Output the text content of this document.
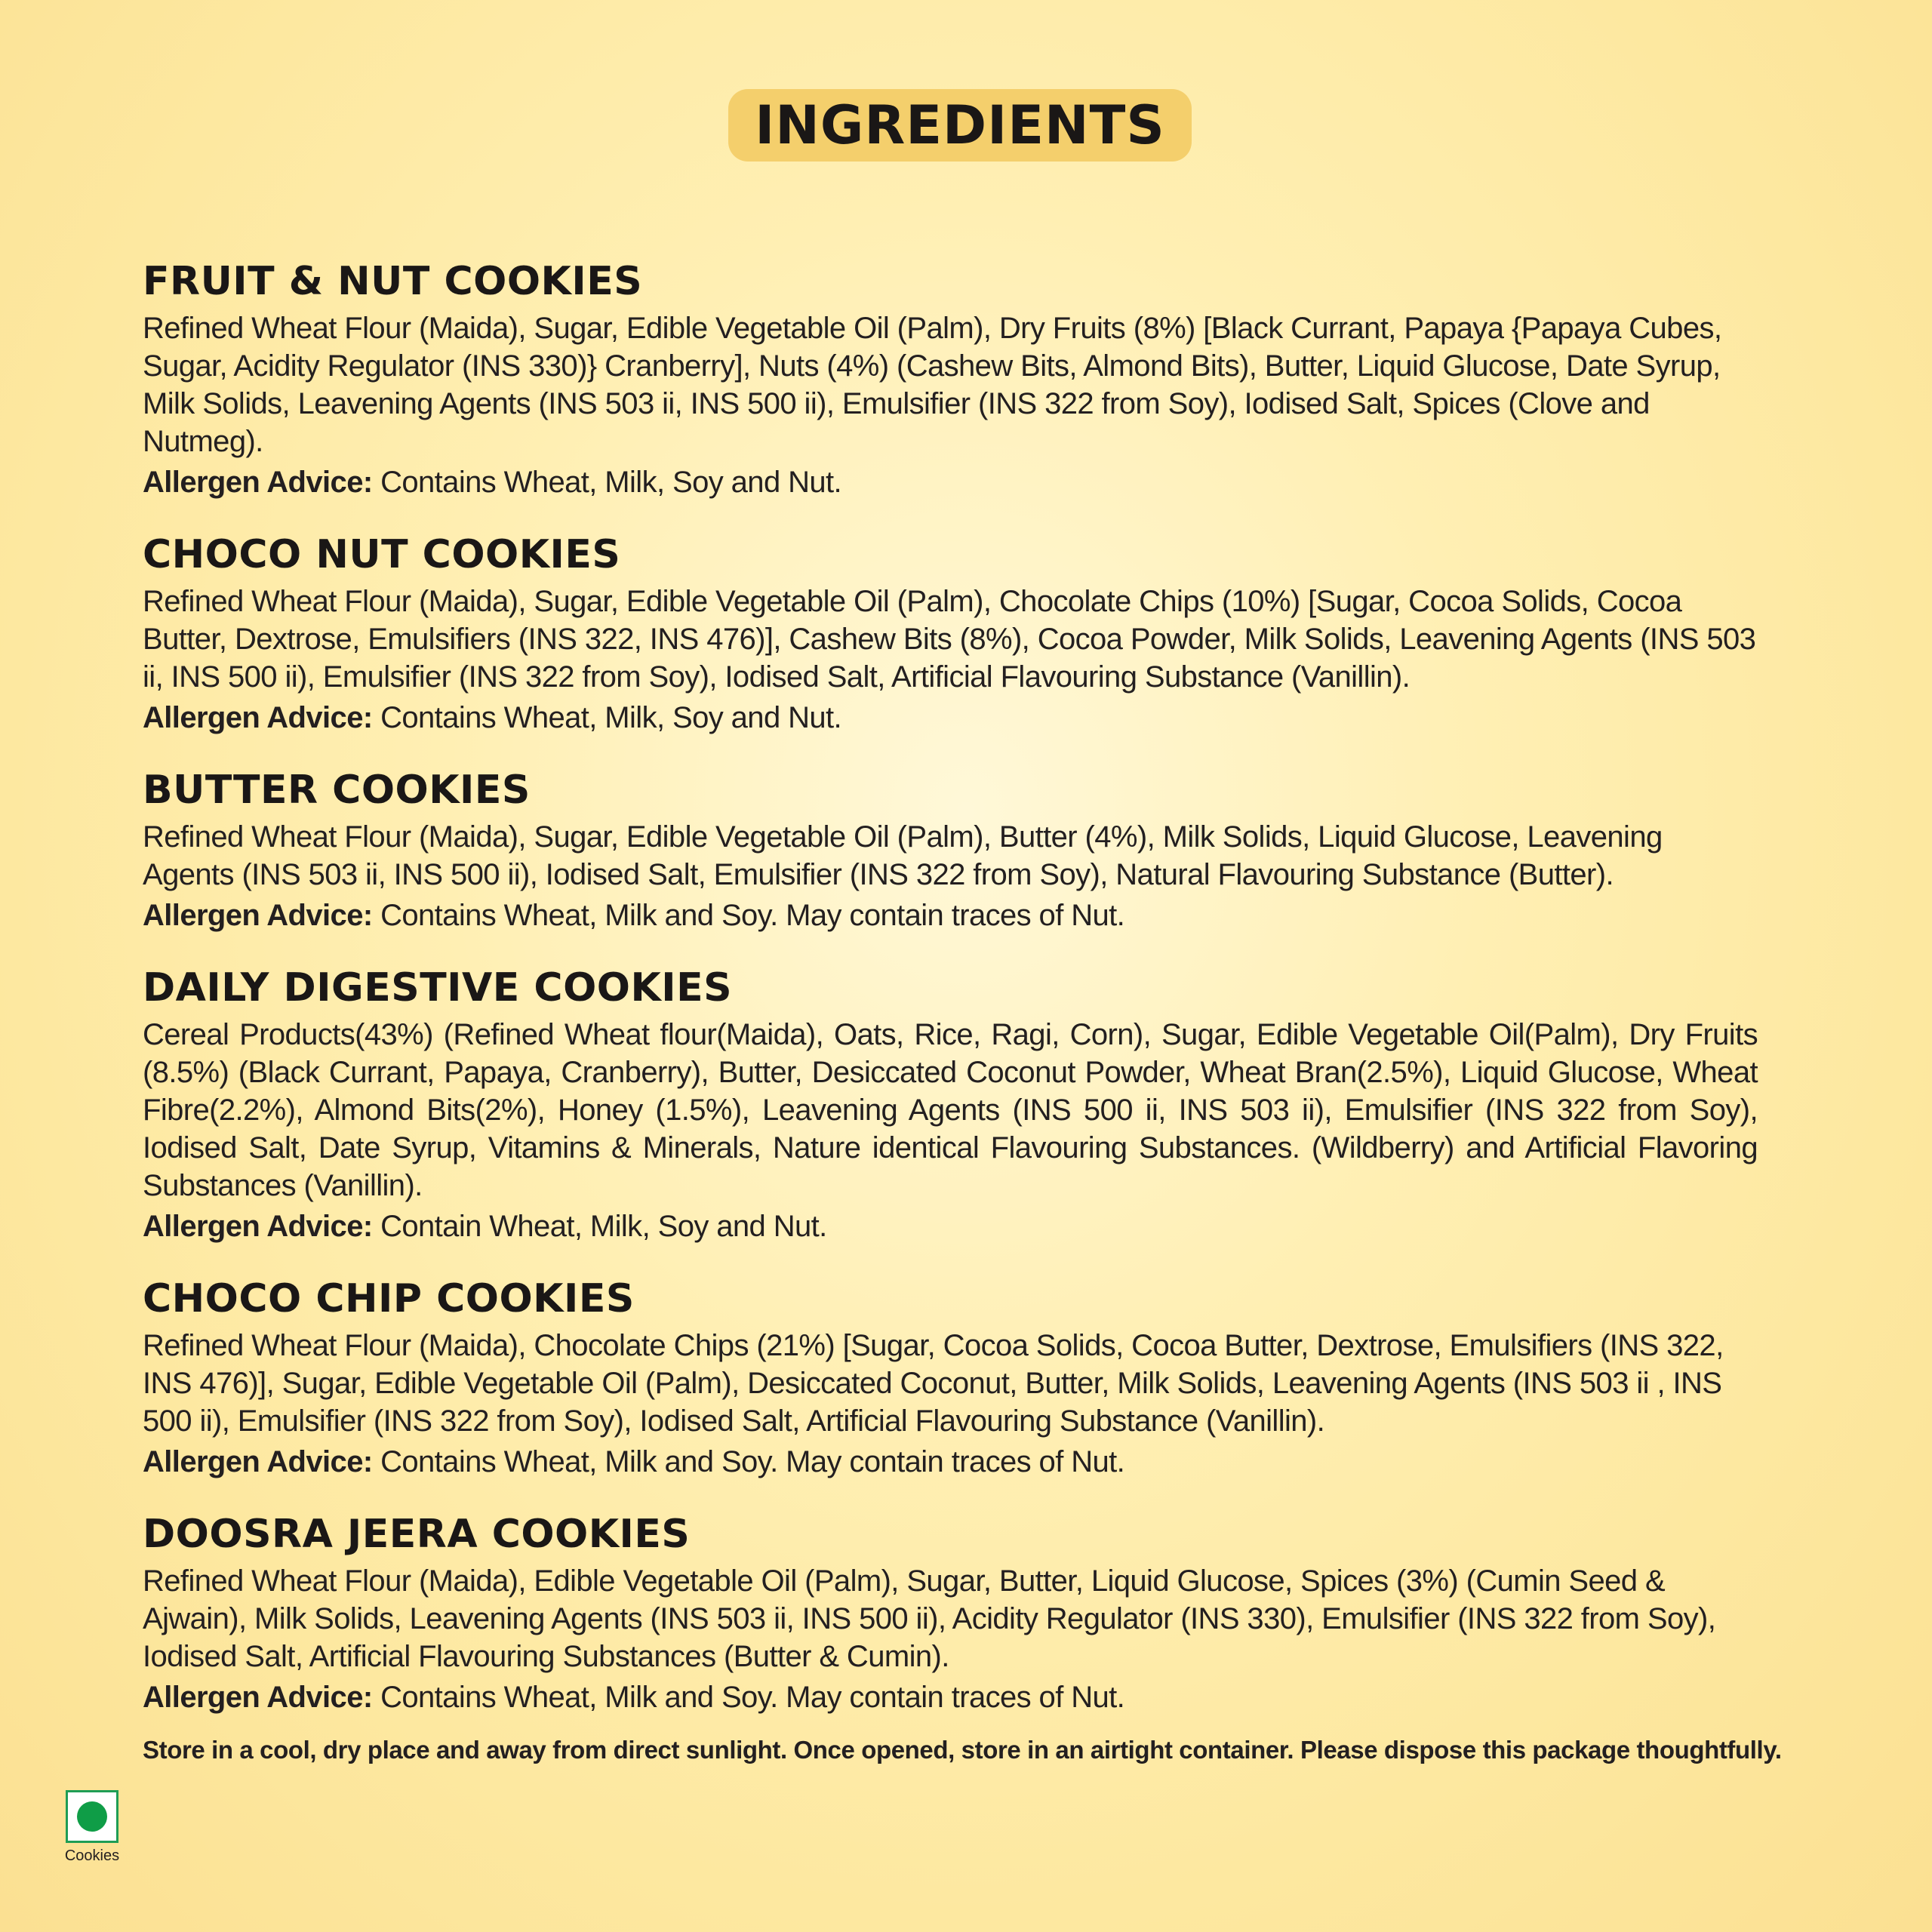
INGREDIENTS
FRUIT & NUT COOKIES
Refined Wheat Flour (Maida), Sugar, Edible Vegetable Oil (Palm), Dry Fruits (8%) [Black Currant, Papaya {Papaya Cubes, Sugar, Acidity Regulator (INS 330)} Cranberry], Nuts (4%) (Cashew Bits, Almond Bits), Butter, Liquid Glucose, Date Syrup, Milk Solids, Leavening Agents (INS 503 ii, INS 500 ii), Emulsifier (INS 322 from Soy), Iodised Salt, Spices (Clove and Nutmeg).
Allergen Advice: Contains Wheat, Milk, Soy and Nut.
CHOCO NUT COOKIES
Refined Wheat Flour (Maida), Sugar, Edible Vegetable Oil (Palm), Chocolate Chips (10%) [Sugar, Cocoa Solids, Cocoa Butter, Dextrose, Emulsifiers (INS 322, INS 476)], Cashew Bits (8%), Cocoa Powder, Milk Solids, Leavening Agents (INS 503 ii, INS 500 ii), Emulsifier (INS 322 from Soy), Iodised Salt, Artificial Flavouring Substance (Vanillin).
Allergen Advice: Contains Wheat, Milk, Soy and Nut.
BUTTER COOKIES
Refined Wheat Flour (Maida), Sugar, Edible Vegetable Oil (Palm), Butter (4%), Milk Solids, Liquid Glucose, Leavening Agents (INS 503 ii, INS 500 ii), Iodised Salt, Emulsifier (INS 322 from Soy), Natural Flavouring Substance (Butter).
Allergen Advice: Contains Wheat, Milk and Soy. May contain traces of Nut.
DAILY DIGESTIVE COOKIES
Cereal Products(43%) (Refined Wheat flour(Maida), Oats, Rice, Ragi, Corn), Sugar, Edible Vegetable Oil(Palm), Dry Fruits (8.5%) (Black Currant, Papaya, Cranberry), Butter, Desiccated Coconut Powder, Wheat Bran(2.5%), Liquid Glucose, Wheat Fibre(2.2%), Almond Bits(2%), Honey (1.5%), Leavening Agents (INS 500 ii, INS 503 ii), Emulsifier (INS 322 from Soy), Iodised Salt, Date Syrup, Vitamins & Minerals, Nature identical Flavouring Substances. (Wildberry) and Artificial Flavoring Substances (Vanillin).
Allergen Advice: Contain Wheat, Milk, Soy and Nut.
CHOCO CHIP COOKIES
Refined Wheat Flour (Maida), Chocolate Chips (21%) [Sugar, Cocoa Solids, Cocoa Butter, Dextrose, Emulsifiers (INS 322, INS 476)], Sugar, Edible Vegetable Oil (Palm), Desiccated Coconut, Butter, Milk Solids, Leavening Agents (INS 503 ii , INS 500 ii), Emulsifier (INS 322 from Soy), Iodised Salt, Artificial Flavouring Substance (Vanillin).
Allergen Advice: Contains Wheat, Milk and Soy. May contain traces of Nut.
DOOSRA JEERA COOKIES
Refined Wheat Flour (Maida), Edible Vegetable Oil (Palm), Sugar, Butter, Liquid Glucose, Spices (3%) (Cumin Seed & Ajwain), Milk Solids, Leavening Agents (INS 503 ii, INS 500 ii), Acidity Regulator (INS 330), Emulsifier (INS 322 from Soy), Iodised Salt, Artificial Flavouring Substances (Butter & Cumin).
Allergen Advice: Contains Wheat, Milk and Soy. May contain traces of Nut.
Store in a cool, dry place and away from direct sunlight. Once opened, store in an airtight container. Please dispose this package thoughtfully.
Cookies
